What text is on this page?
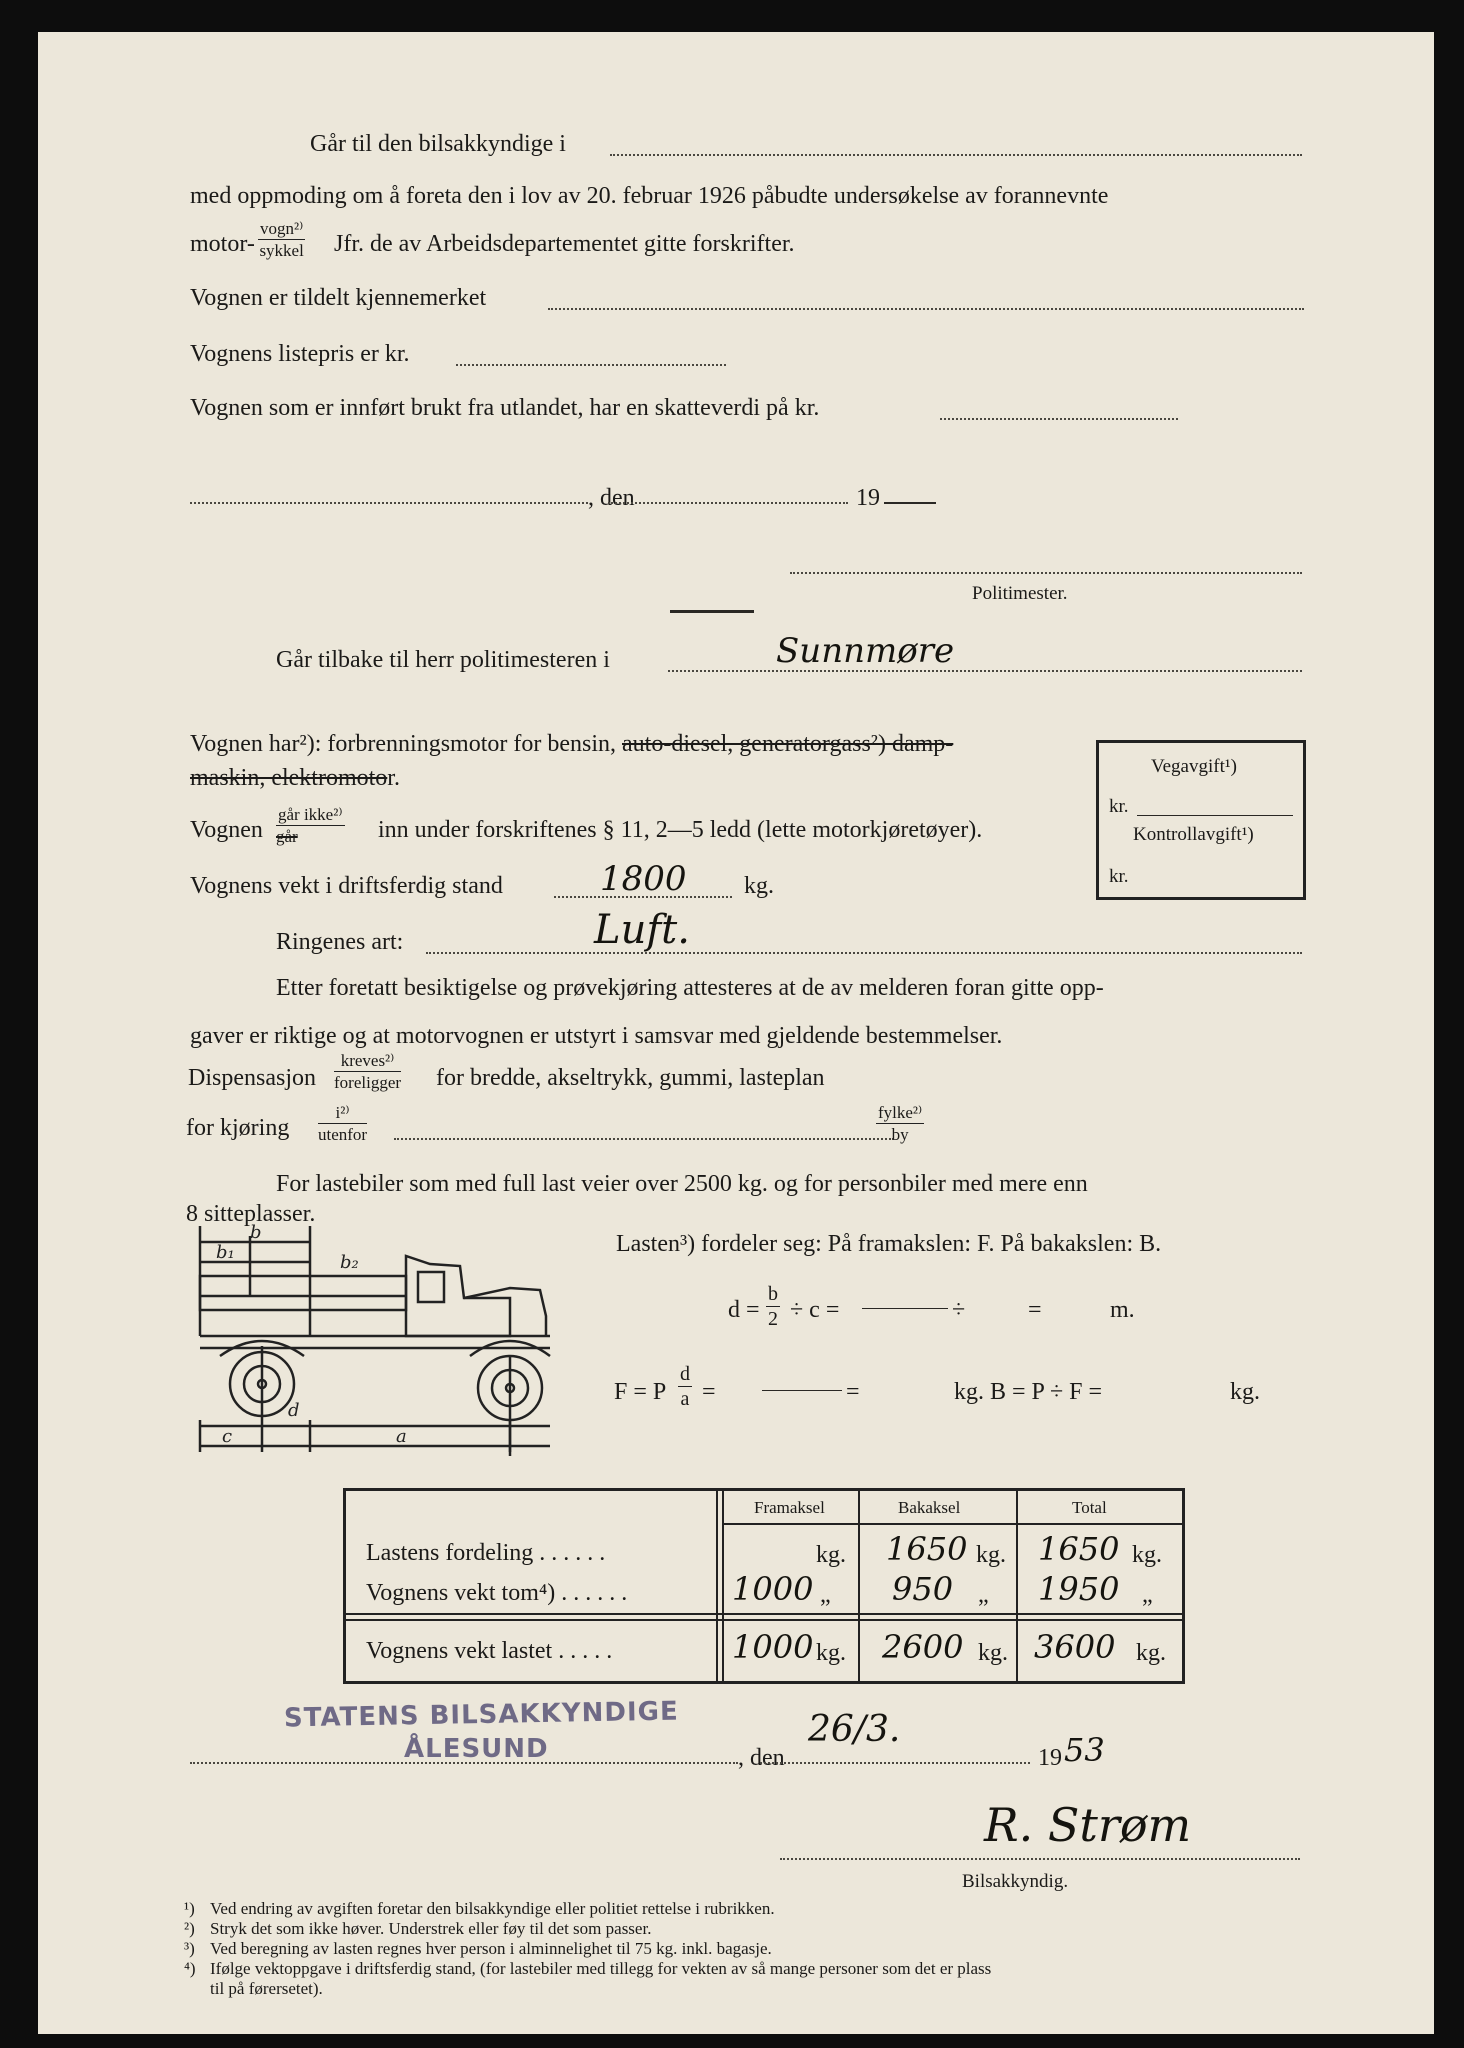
Går til den bilsakkyndige i
med oppmoding om å foreta den i lov av 20. februar 1926 påbudte undersøkelse av forannevnte
motor-
vogn²⁾
sykkel Jfr. de av Arbeidsdepartementet gitte forskrifter.
Vognen er tildelt kjennemerket
Vognens listepris er kr.
Vognen som er innført brukt fra utlandet, har en skatteverdi på kr.
, den	19
Politimester.
Går tilbake til herr politimesteren i	Sunnmøre
Vognen har²): forbrenningsmotor for bensin, auto-diesel, generatorgass²) damp-
maskin, elektromotor.
Vognen
går ikke²⁾
går	inn under forskriftenes § 11, 2—5 ledd (lette motorkjøretøyer).
Vognens vekt i driftsferdig stand	1800 kg.
Ringenes art:	Luft.
Etter foretatt besiktigelse og prøvekjøring attesteres at de av melderen foran gitte opp-
gaver er riktige og at motorvognen er utstyrt i samsvar med gjeldende bestemmelser.
Dispensasjon
kreves²⁾
foreligger for bredde, akseltrykk, gummi, lasteplan
for kjøring
i²⁾
utenfor
fylke²⁾
by
For lastebiler som med full last veier over 2500 kg. og for personbiler med mere enn
8 sitteplasser.
Vegavgift¹)
kr.
Kontrollavgift¹)
kr.
b
b₁	b₂
c
d
a
Lasten³) fordeler seg: På framakslen: F. På bakakslen: B.
$d = \frac{b}{2} \div c$ =	÷	=	m.
F = P $\frac{d}{a}$ =	=	kg. B = P ÷ F =	kg.
Framaksel	Bakaksel	Total
Lastens fordeling . . . . . .	kg. 1650 kg. 1650 kg.
Vognens vekt tom⁴) . . . . . .	1000 „ 950 „ 1950 „
Vognens vekt lastet . . . . .	1000 kg. 2600 kg. 3600 kg.
STATENS BILSAKKYNDIGE
ÅLESUND	, den
26/3.
19 53
R. Strøm
Bilsakkyndig.
¹) Ved endring av avgiften foretar den bilsakkyndige eller politiet rettelse i rubrikken.
²) Stryk det som ikke høver. Understrek eller føy til det som passer.
³) Ved beregning av lasten regnes hver person i alminnelighet til 75 kg. inkl. bagasje.
⁴) Ifølge vektoppgave i driftsferdig stand, (for lastebiler med tillegg for vekten av så mange personer som det er plass
til på førersetet).
